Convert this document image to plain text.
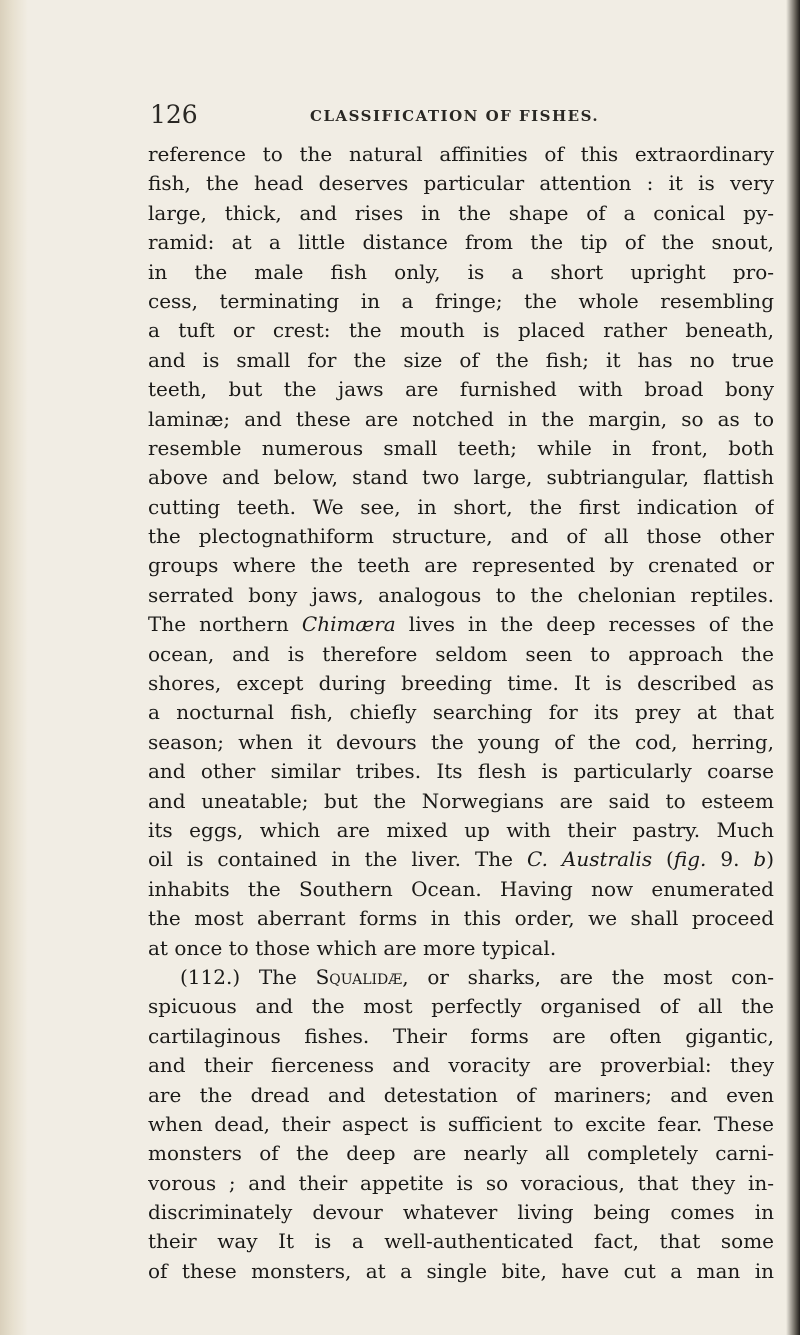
126	CLASSIFICATION OF FISHES.
reference to the natural affinities of this extraordinary
fish, the head deserves particular attention : it is very
large, thick, and rises in the shape of a conical py-
ramid: at a little distance from the tip of the snout,
in the male fish only, is a short upright pro-
cess, terminating in a fringe; the whole resembling
a tuft or crest: the mouth is placed rather beneath,
and is small for the size of the fish; it has no true
teeth, but the jaws are furnished with broad bony
laminæ; and these are notched in the margin, so as to
resemble numerous small teeth; while in front, both
above and below, stand two large, subtriangular, flattish
cutting teeth. We see, in short, the first indication of
the plectognathiform structure, and of all those other
groups where the teeth are represented by crenated or
serrated bony jaws, analogous to the chelonian reptiles.
The northern Chimæra lives in the deep recesses of the
ocean, and is therefore seldom seen to approach the
shores, except during breeding time. It is described as
a nocturnal fish, chiefly searching for its prey at that
season; when it devours the young of the cod, herring,
and other similar tribes. Its flesh is particularly coarse
and uneatable; but the Norwegians are said to esteem
its eggs, which are mixed up with their pastry. Much
oil is contained in the liver. The C. Australis (fig. 9. b)
inhabits the Southern Ocean. Having now enumerated
the most aberrant forms in this order, we shall proceed
at once to those which are more typical.
(112.) The Squalidæ, or sharks, are the most con-
spicuous and the most perfectly organised of all the
cartilaginous fishes. Their forms are often gigantic,
and their fierceness and voracity are proverbial: they
are the dread and detestation of mariners; and even
when dead, their aspect is sufficient to excite fear. These
monsters of the deep are nearly all completely carni-
vorous ; and their appetite is so voracious, that they in-
discriminately devour whatever living being comes in
their way It is a well-authenticated fact, that some
of these monsters, at a single bite, have cut a man in
